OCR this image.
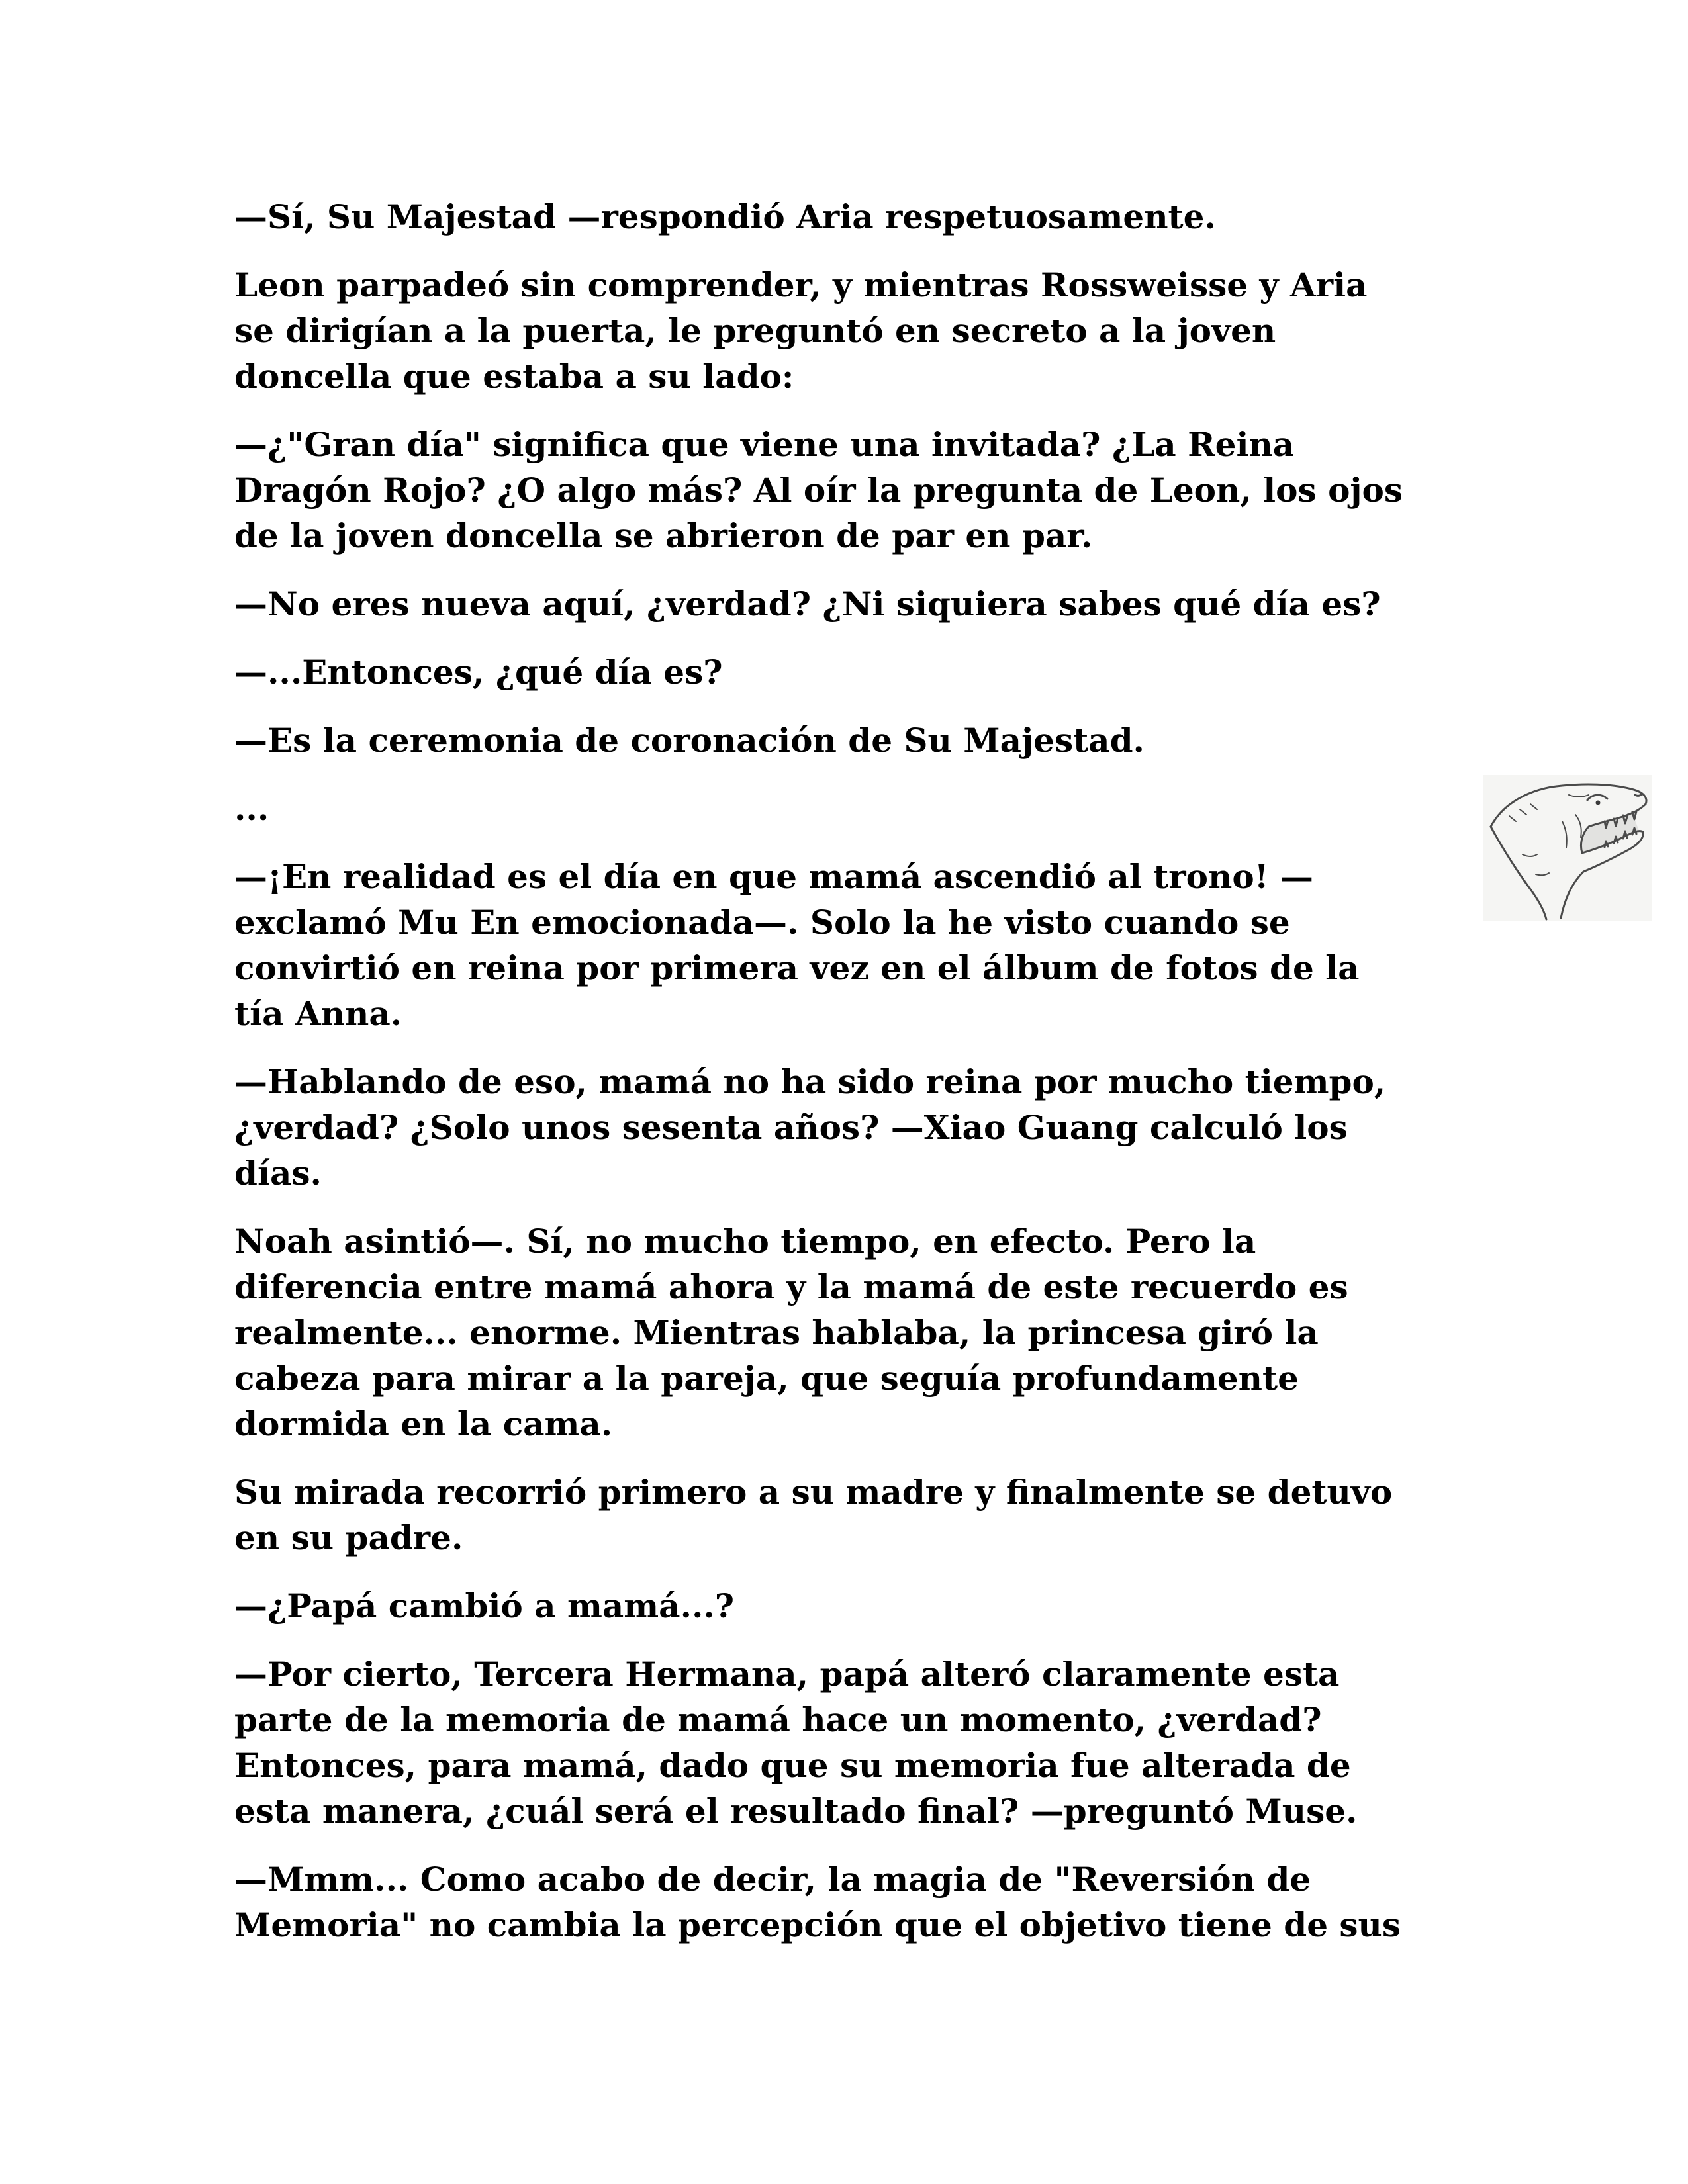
—Sí, Su Majestad —respondió Aria respetuosamente.
Leon parpadeó sin comprender, y mientras Rossweisse y Aria
se dirigían a la puerta, le preguntó en secreto a la joven
doncella que estaba a su lado:
—¿"Gran día" significa que viene una invitada? ¿La Reina
Dragón Rojo? ¿O algo más? Al oír la pregunta de Leon, los ojos
de la joven doncella se abrieron de par en par.
—No eres nueva aquí, ¿verdad? ¿Ni siquiera sabes qué día es?
—...Entonces, ¿qué día es?
—Es la ceremonia de coronación de Su Majestad.
...
—¡En realidad es el día en que mamá ascendió al trono! —
exclamó Mu En emocionada—. Solo la he visto cuando se
convirtió en reina por primera vez en el álbum de fotos de la
tía Anna.
—Hablando de eso, mamá no ha sido reina por mucho tiempo,
¿verdad? ¿Solo unos sesenta años? —Xiao Guang calculó los
días.
Noah asintió—. Sí, no mucho tiempo, en efecto. Pero la
diferencia entre mamá ahora y la mamá de este recuerdo es
realmente... enorme. Mientras hablaba, la princesa giró la
cabeza para mirar a la pareja, que seguía profundamente
dormida en la cama.
Su mirada recorrió primero a su madre y finalmente se detuvo
en su padre.
—¿Papá cambió a mamá...?
—Por cierto, Tercera Hermana, papá alteró claramente esta
parte de la memoria de mamá hace un momento, ¿verdad?
Entonces, para mamá, dado que su memoria fue alterada de
esta manera, ¿cuál será el resultado final? —preguntó Muse.
—Mmm... Como acabo de decir, la magia de "Reversión de
Memoria" no cambia la percepción que el objetivo tiene de sus
